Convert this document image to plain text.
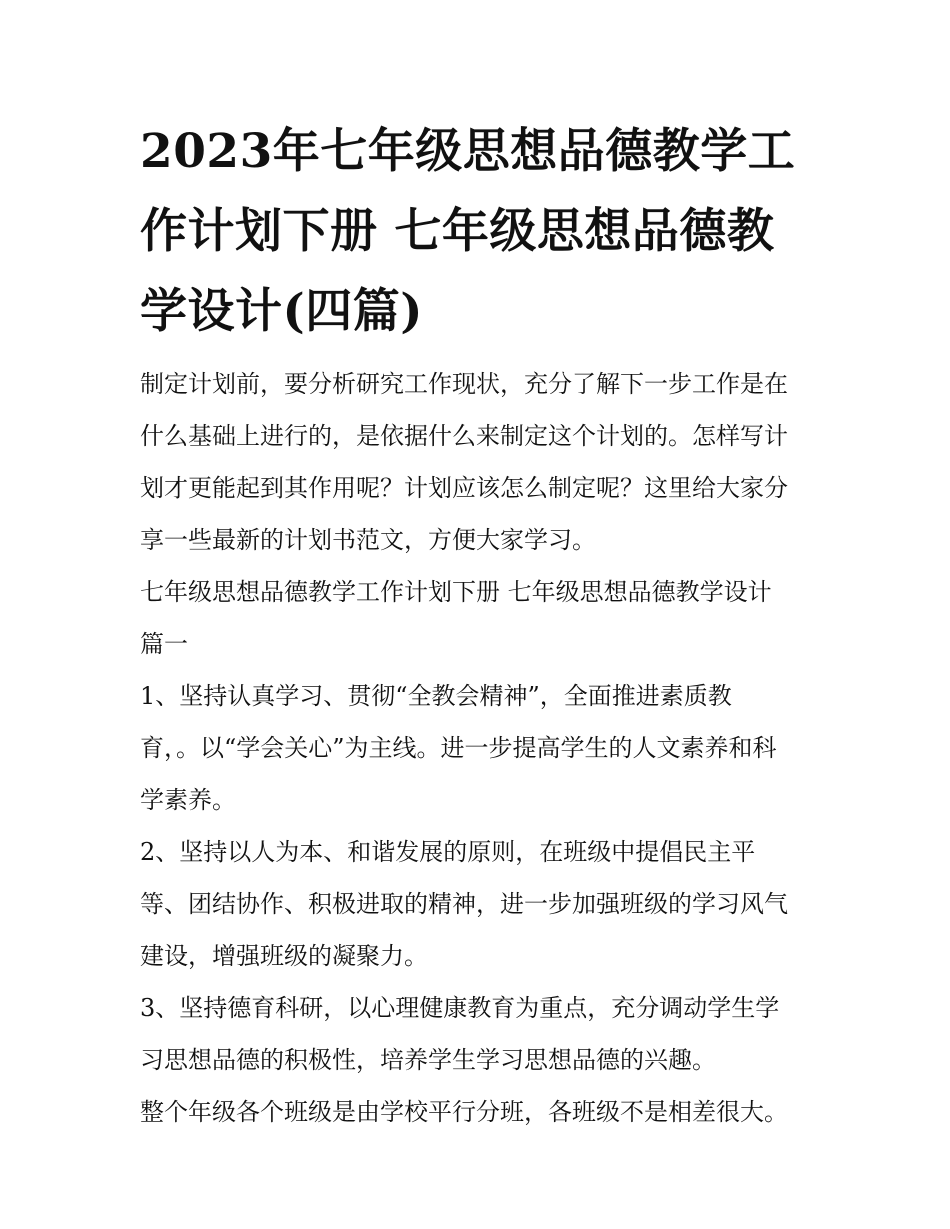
2023年七年级思想品德教学工
作计划下册 七年级思想品德教
学设计(四篇)
制定计划前，要分析研究工作现状，充分了解下一步工作是在
什么基础上进行的，是依据什么来制定这个计划的。怎样写计
划才更能起到其作用呢？计划应该怎么制定呢？这里给大家分
享一些最新的计划书范文，方便大家学习。
七年级思想品德教学工作计划下册 七年级思想品德教学设计
篇一
1、坚持认真学习、贯彻“全教会精神”，全面推进素质教
育，。以“学会关心”为主线。进一步提高学生的人文素养和科
学素养。
2、坚持以人为本、和谐发展的原则，在班级中提倡民主平
等、团结协作、积极进取的精神，进一步加强班级的学习风气
建设，增强班级的凝聚力。
3、坚持德育科研，以心理健康教育为重点，充分调动学生学
习思想品德的积极性，培养学生学习思想品德的兴趣。
整个年级各个班级是由学校平行分班，各班级不是相差很大。
